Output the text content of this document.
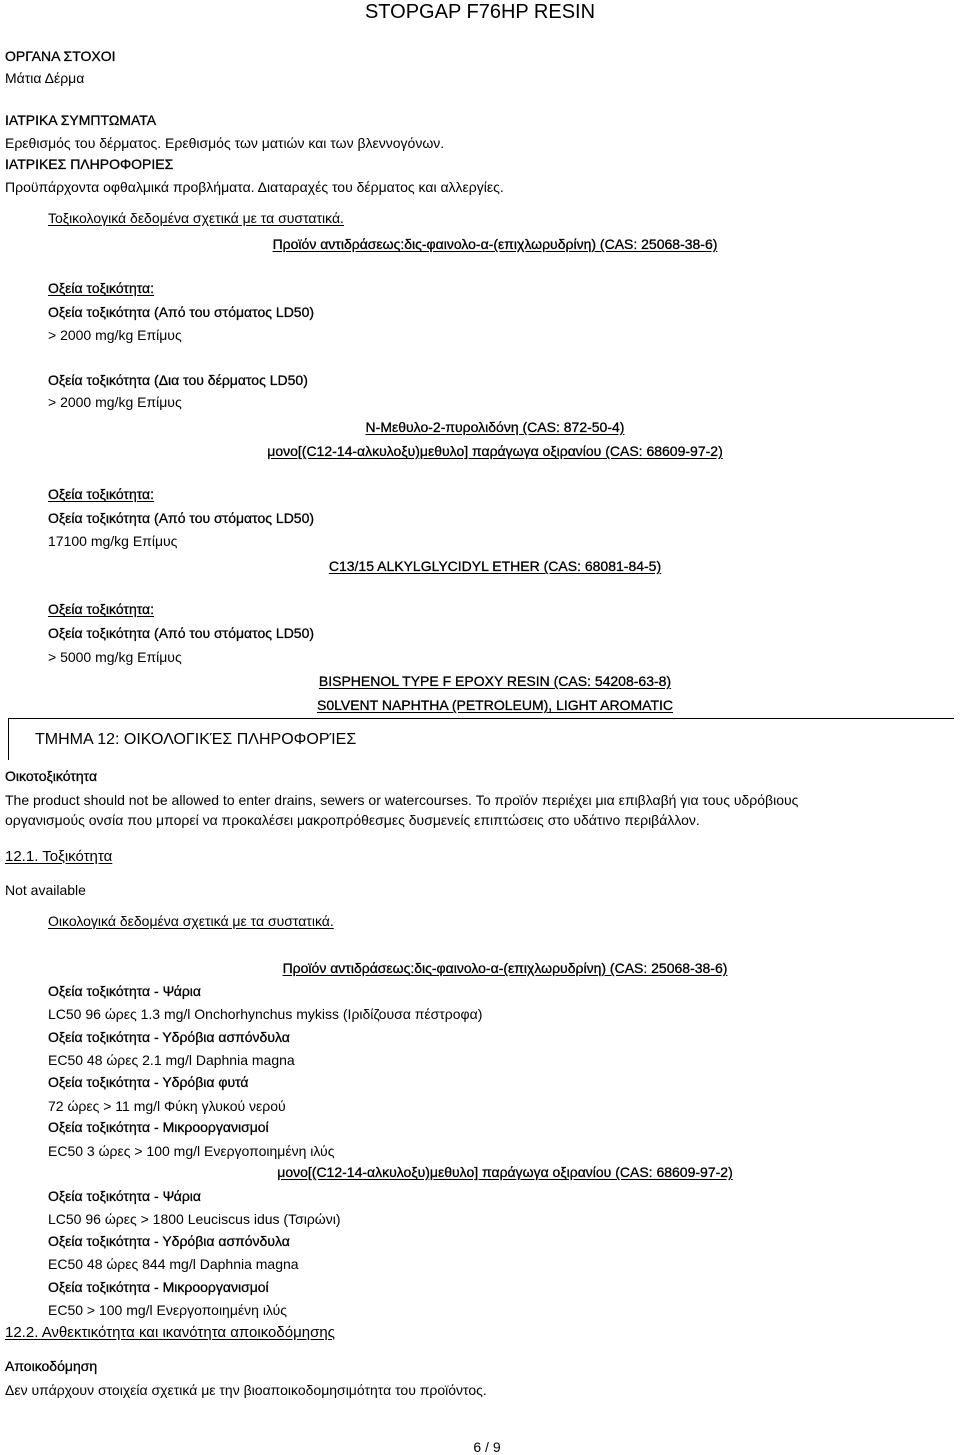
STOPGAP F76HP RESIN
ΟΡΓΑΝΑ ΣΤΟΧΟΙ
Μάτια Δέρμα
ΙΑΤΡΙΚΑ ΣΥΜΠΤΩΜΑΤΑ
Ερεθισμός του δέρματος. Ερεθισμός των ματιών και των βλεννογόνων.
ΙΑΤΡΙΚΕΣ ΠΛΗΡΟΦΟΡΙΕΣ
Προϋπάρχοντα οφθαλμικά προβλήματα. Διαταραχές του δέρματος και αλλεργίες.
Τοξικολογικά δεδομένα σχετικά με τα συστατικά.
Προϊόν αντιδράσεως:δις-φαινολο-α-(επιχλωρυδρίνη) (CAS: 25068-38-6)
Οξεία τοξικότητα:
Οξεία τοξικότητα (Από του στόματος LD50)
> 2000 mg/kg Επίμυς
Οξεία τοξικότητα (Δια του δέρματος LD50)
> 2000 mg/kg Επίμυς
N-Μεθυλο-2-πυρολιδόνη (CAS: 872-50-4)
μονο[(C12-14-αλκυλοξυ)μεθυλο] παράγωγα οξιρανίου (CAS: 68609-97-2)
Οξεία τοξικότητα:
Οξεία τοξικότητα (Από του στόματος LD50)
17100 mg/kg Επίμυς
C13/15 ALKYLGLYCIDYL ETHER (CAS: 68081-84-5)
Οξεία τοξικότητα:
Οξεία τοξικότητα (Από του στόματος LD50)
> 5000 mg/kg Επίμυς
BISPHENOL TYPE F EPOXY RESIN (CAS: 54208-63-8)
S0LVENT NAPHTHA (PETROLEUM), LIGHT AROMATIC
ΤΜΗΜΑ 12: ΟΙΚΟΛΟΓΙΚΈΣ ΠΛΗΡΟΦΟΡΊΕΣ
Οικοτοξικότητα
The product should not be allowed to enter drains, sewers or watercourses. Το προϊόν περιέχει μια επιβλαβή για τους υδρόβιους
οργανισμούς ονσία που μπορεί να προκαλέσει μακροπρόθεσμες δυσμενείς επιπτώσεις στο υδάτινο περιβάλλον.
12.1. Τοξικότητα
Not available
Οικολογικά δεδομένα σχετικά με τα συστατικά.
Προϊόν αντιδράσεως:δις-φαινολο-α-(επιχλωρυδρίνη) (CAS: 25068-38-6)
Οξεία τοξικότητα - Ψάρια
LC50 96 ώρες 1.3 mg/l Onchorhynchus mykiss (Ιριδίζουσα πέστροφα)
Οξεία τοξικότητα - Υδρόβια ασπόνδυλα
EC50 48 ώρες 2.1 mg/l Daphnia magna
Οξεία τοξικότητα - Υδρόβια φυτά
72 ώρες > 11 mg/l Φύκη γλυκού νερού
Οξεία τοξικότητα - Μικροοργανισμοί
EC50 3 ώρες > 100 mg/l Ενεργοποιημένη ιλύς
μονο[(C12-14-αλκυλοξυ)μεθυλο] παράγωγα οξιρανίου (CAS: 68609-97-2)
Οξεία τοξικότητα - Ψάρια
LC50 96 ώρες > 1800 Leuciscus idus (Τσιρώνι)
Οξεία τοξικότητα - Υδρόβια ασπόνδυλα
EC50 48 ώρες 844 mg/l Daphnia magna
Οξεία τοξικότητα - Μικροοργανισμοί
EC50 > 100 mg/l Ενεργοποιημένη ιλύς
12.2. Ανθεκτικότητα και ικανότητα αποικοδόμησης
Αποικοδόμηση
Δεν υπάρχουν στοιχεία σχετικά με την βιοαποικοδομησιμότητα του προϊόντος.
6 / 9
